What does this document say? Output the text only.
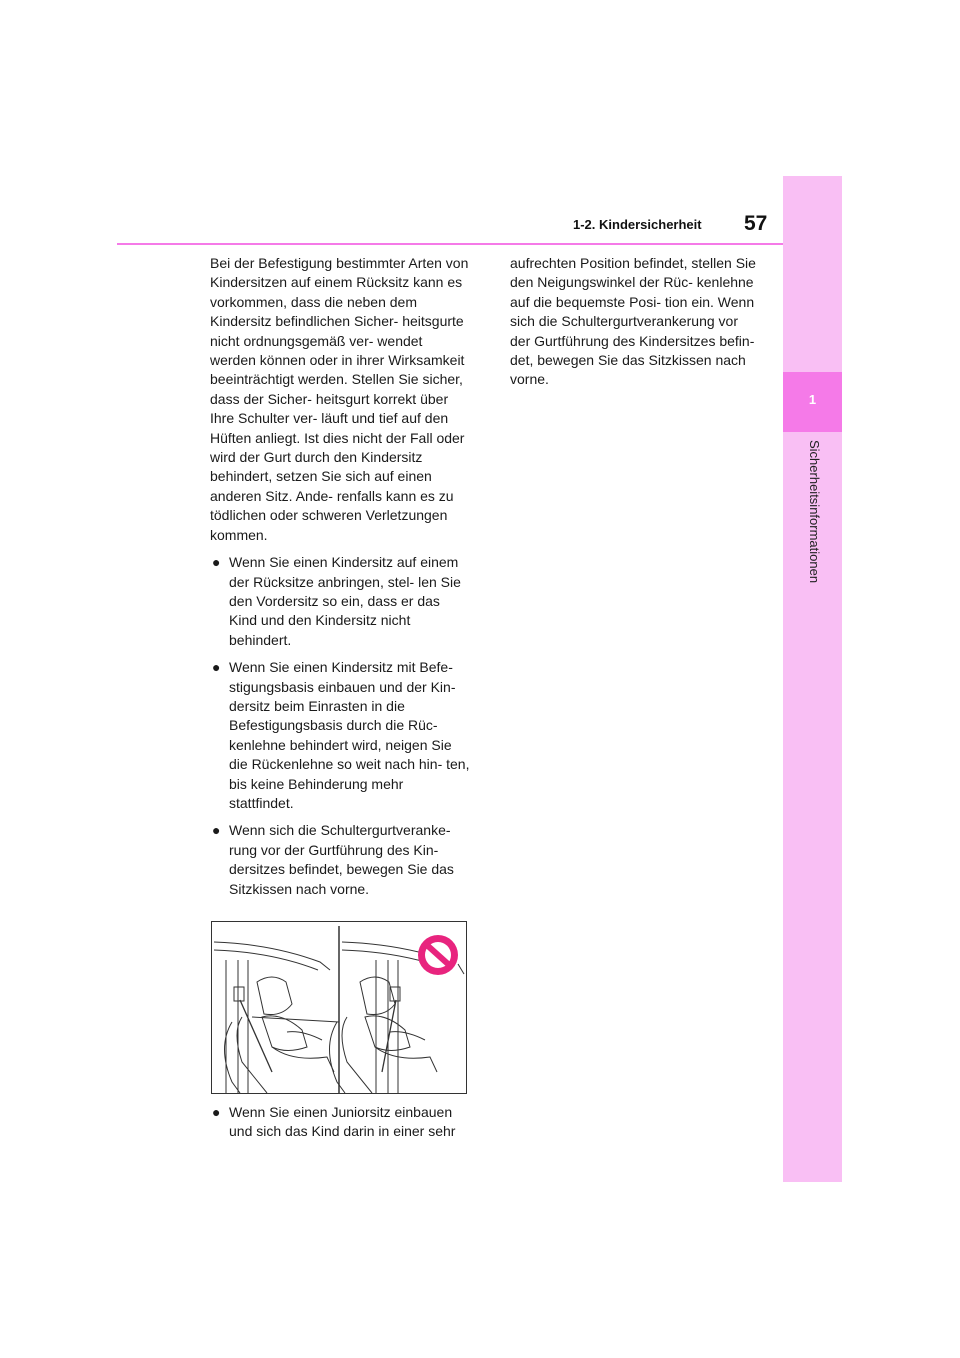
1
Sicherheitsinformationen
1-2. Kindersicherheit 57

Bei der Befestigung bestimmter Arten von Kindersitzen auf einem Rücksitz kann es vorkommen, dass die neben dem Kindersitz befindlichen Sicher- heitsgurte nicht ordnungsgemäß ver- wendet werden können oder in ihrer Wirksamkeit beeinträchtigt werden. Stellen Sie sicher, dass der Sicher- heitsgurt korrekt über Ihre Schulter ver- läuft und tief auf den Hüften anliegt. Ist dies nicht der Fall oder wird der Gurt durch den Kindersitz behindert, setzen Sie sich auf einen anderen Sitz. Ande- renfalls kann es zu tödlichen oder schweren Verletzungen kommen.

● Wenn Sie einen Kindersitz auf einem der Rücksitze anbringen, stel- len Sie den Vordersitz so ein, dass er das Kind und den Kindersitz nicht behindert.
● Wenn Sie einen Kindersitz mit Befe- stigungsbasis einbauen und der Kin- dersitz beim Einrasten in die Befestigungsbasis durch die Rüc- kenlehne behindert wird, neigen Sie die Rückenlehne so weit nach hin- ten, bis keine Behinderung mehr stattfindet.
● Wenn sich die Schultergurtveranke- rung vor der Gurtführung des Kin- dersitzes befindet, bewegen Sie das Sitzkissen nach vorne.
● Wenn Sie einen Juniorsitz einbauen und sich das Kind darin in einer sehr

aufrechten Position befindet, stellen Sie den Neigungswinkel der Rüc- kenlehne auf die bequemste Posi- tion ein. Wenn sich die Schultergurtverankerung vor der Gurtführung des Kindersitzes befin- det, bewegen Sie das Sitzkissen nach vorne.
